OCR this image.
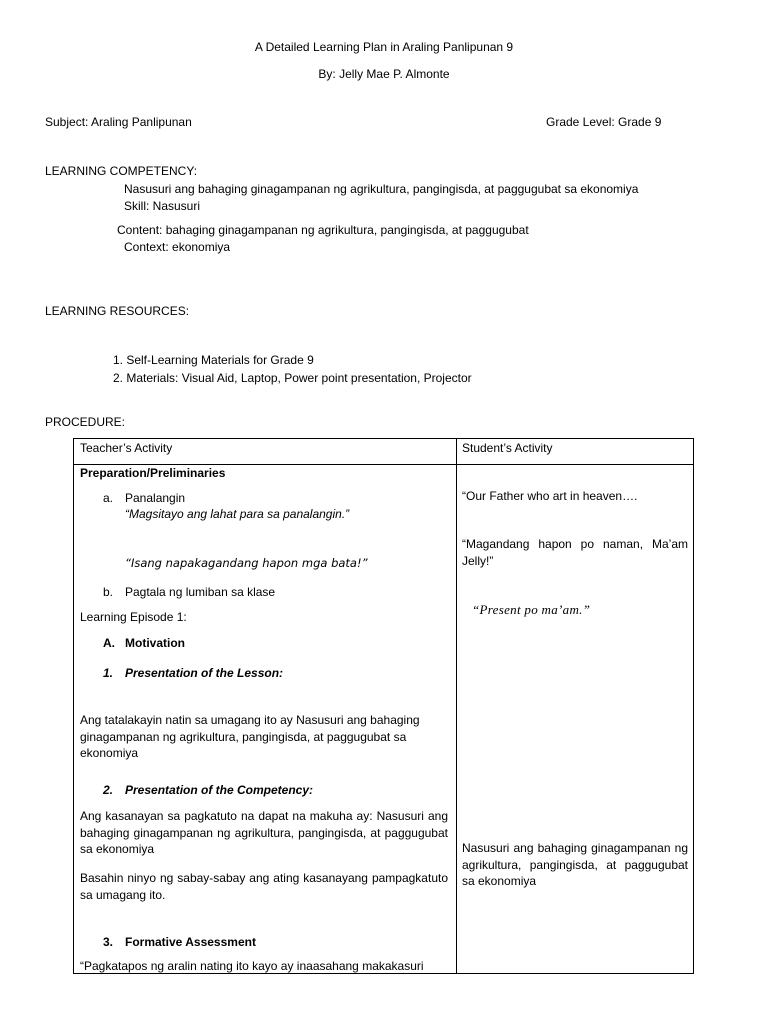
A Detailed Learning Plan in Araling Panlipunan 9
By: Jelly Mae P. Almonte
Subject: Araling Panlipunan	Grade Level: Grade 9
LEARNING COMPETENCY:
Nasusuri ang bahaging ginagampanan ng agrikultura, pangingisda, at paggugubat sa ekonomiya
Skill: Nasusuri
Content: bahaging ginagampanan ng agrikultura, pangingisda, at paggugubat
Context: ekonomiya
LEARNING RESOURCES:
1. Self-Learning Materials for Grade 9
2. Materials: Visual Aid, Laptop, Power point presentation, Projector
PROCEDURE:
Teacher’s Activity	Student’s Activity
Preparation/Preliminaries
a. Panalangin
“Magsitayo ang lahat para sa panalangin.”
“Isang napakagandang hapon mga bata!”
b. Pagtala ng lumiban sa klase
Learning Episode 1:
A. Motivation
1. Presentation of the Lesson:
Ang tatalakayin natin sa umagang ito ay Nasusuri ang bahaging ginagampanan ng agrikultura, pangingisda, at paggugubat sa ekonomiya
2. Presentation of the Competency:
Ang kasanayan sa pagkatuto na dapat na makuha ay: Nasusuri ang bahaging ginagampanan ng agrikultura, pangingisda, at paggugubat sa ekonomiya
Basahin ninyo ng sabay-sabay ang ating kasanayang pampagkatuto sa umagang ito.
3. Formative Assessment
“Pagkatapos ng aralin nating ito kayo ay inaasahang makakasuri
“Our Father who art in heaven….
“Magandang hapon po naman, Ma’am Jelly!”
“Present po ma’am.”
Nasusuri ang bahaging ginagampanan ng agrikultura, pangingisda, at paggugubat sa ekonomiya
